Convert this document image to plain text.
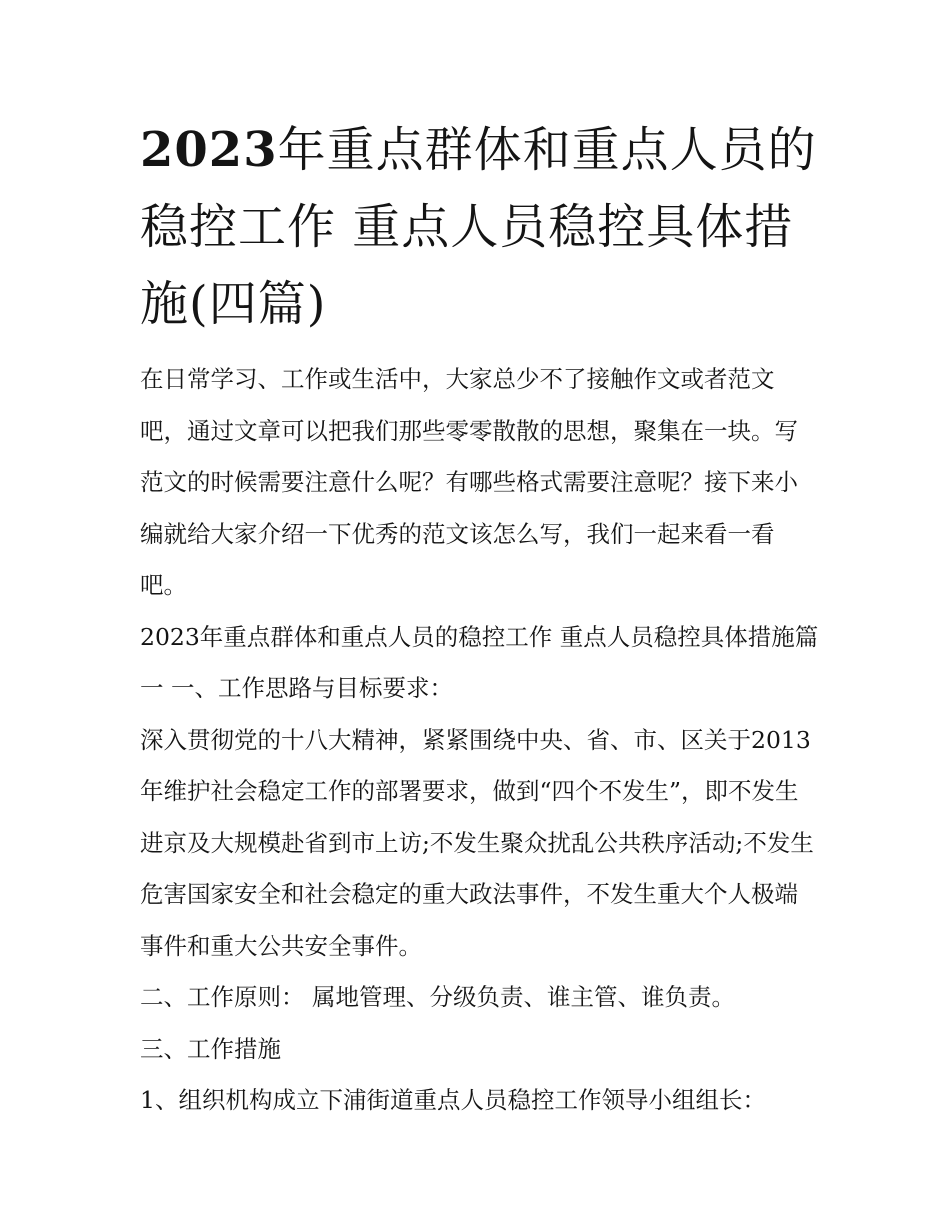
2023年重点群体和重点人员的稳控工作 重点人员稳控具体措施(四篇)

在日常学习、工作或生活中，大家总少不了接触作文或者范文吧，通过文章可以把我们那些零零散散的思想，聚集在一块。写范文的时候需要注意什么呢？有哪些格式需要注意呢？接下来小编就给大家介绍一下优秀的范文该怎么写，我们一起来看一看吧。

2023年重点群体和重点人员的稳控工作 重点人员稳控具体措施篇一 一、工作思路与目标要求：

深入贯彻党的十八大精神，紧紧围绕中央、省、市、区关于2013年维护社会稳定工作的部署要求，做到“四个不发生”，即不发生进京及大规模赴省到市上访;不发生聚众扰乱公共秩序活动;不发生危害国家安全和社会稳定的重大政法事件，不发生重大个人极端事件和重大公共安全事件。

二、工作原则： 属地管理、分级负责、谁主管、谁负责。

三、工作措施

1、组织机构成立下浦街道重点人员稳控工作领导小组组长：
